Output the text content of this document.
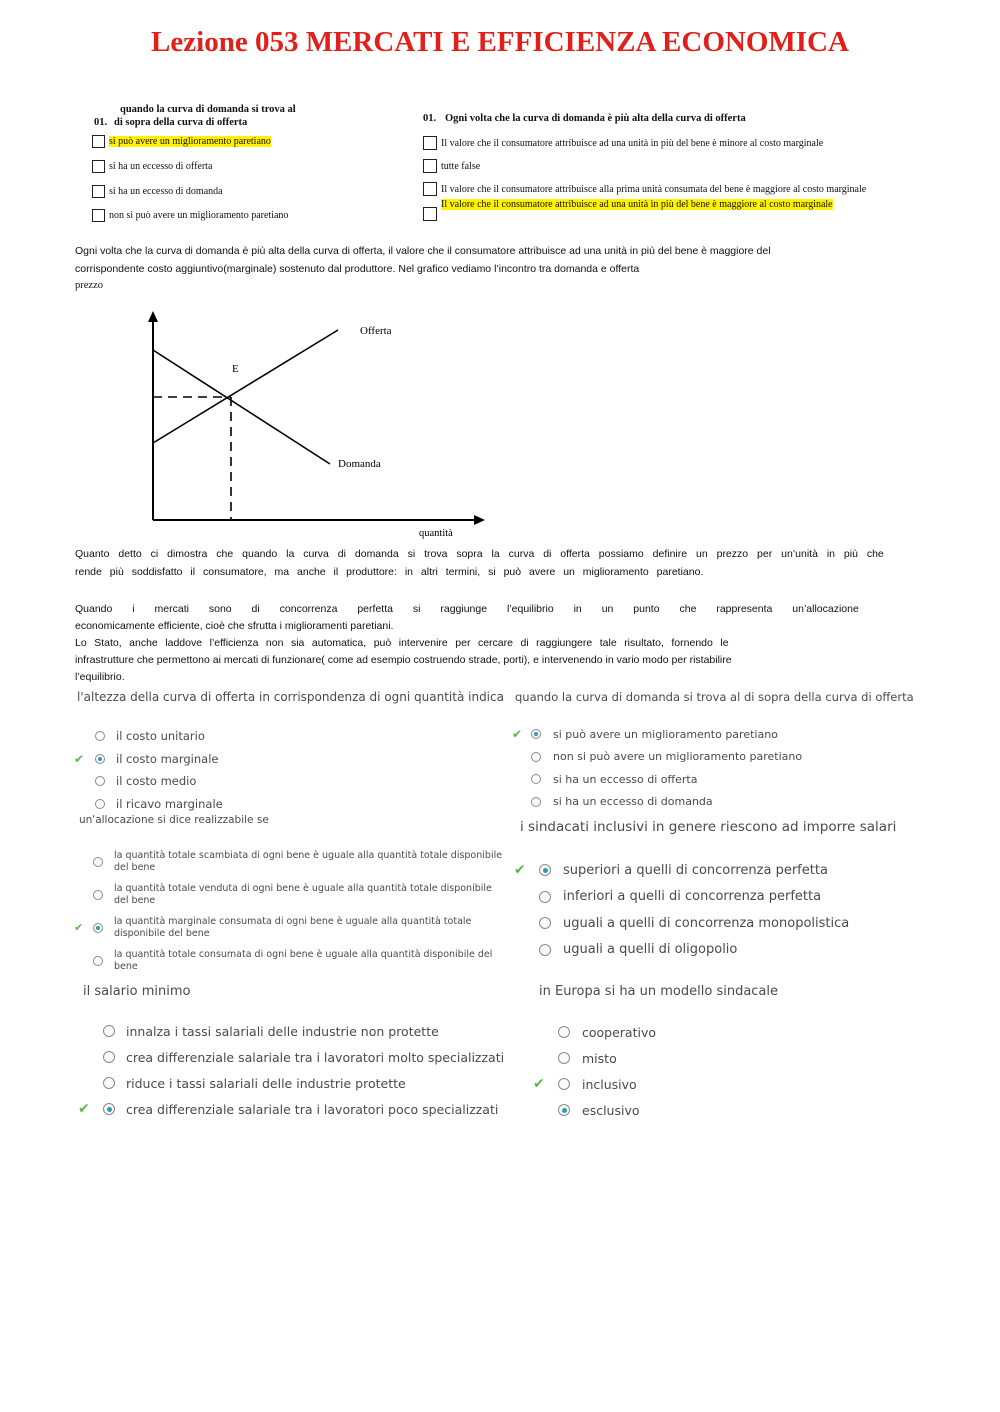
Lezione 053 MERCATI E EFFICIENZA ECONOMICA
quando la curva di domanda si trova al
01. di sopra della curva di offerta
si può avere un miglioramento paretiano
si ha un eccesso di offerta
si ha un eccesso di domanda
non si può avere un miglioramento paretiano
01. Ogni volta che la curva di domanda è più alta della curva di offerta
Il valore che il consumatore attribuisce ad una unità in più del bene è minore al costo marginale
tutte false
Il valore che il consumatore attribuisce alla prima unità consumata del bene è maggiore al costo marginale
Il valore che il consumatore attribuisce ad una unità in più del bene è maggiore al costo marginale
Ogni volta che la curva di domanda è più alta della curva di offerta, il valore che il consumatore attribuisce ad una unità in più del bene è maggiore del
corrispondente costo aggiuntivo(marginale) sostenuto dal produttore. Nel grafico vediamo l’incontro tra domanda e offerta
prezzo
Offerta
Domanda
E
quantità
Quanto detto ci dimostra che quando la curva di domanda si trova sopra la curva di offerta possiamo definire un prezzo per un’unità in più che
rende più soddisfatto il consumatore, ma anche il produttore: in altri termini, si può avere un miglioramento paretiano.
Quando i mercati sono di concorrenza perfetta si raggiunge l’equilibrio in un punto che rappresenta un’allocazione
economicamente efficiente, cioè che sfrutta i miglioramenti paretiani.
Lo Stato, anche laddove l’efficienza non sia automatica, può intervenire per cercare di raggiungere tale risultato, fornendo le
infrastrutture che permettono ai mercati di funzionare( come ad esempio costruendo strade, porti), e intervenendo in vario modo per ristabilire
l’equilibrio.
l'altezza della curva di offerta in corrispondenza di ogni quantità indica
il costo unitario
✔	il costo marginale
il costo medio
il ricavo marginale
quando la curva di domanda si trova al di sopra della curva di offerta
✔	si può avere un miglioramento paretiano
non si può avere un miglioramento paretiano
si ha un eccesso di offerta
si ha un eccesso di domanda
un'allocazione si dice realizzabile se
la quantità totale scambiata di ogni bene è uguale alla quantità totale disponibile
del bene
la quantità totale venduta di ogni bene è uguale alla quantità totale disponibile
del bene
✔	la quantità marginale consumata di ogni bene è uguale alla quantità totale
disponibile del bene
la quantità totale consumata di ogni bene è uguale alla quantità disponibile del
bene
i sindacati inclusivi in genere riescono ad imporre salari
✔	superiori a quelli di concorrenza perfetta
inferiori a quelli di concorrenza perfetta
uguali a quelli di concorrenza monopolistica
uguali a quelli di oligopolio
il salario minimo
innalza i tassi salariali delle industrie non protette
crea differenziale salariale tra i lavoratori molto specializzati
riduce i tassi salariali delle industrie protette
✔	crea differenziale salariale tra i lavoratori poco specializzati
in Europa si ha un modello sindacale
cooperativo
misto
✔	inclusivo
esclusivo
